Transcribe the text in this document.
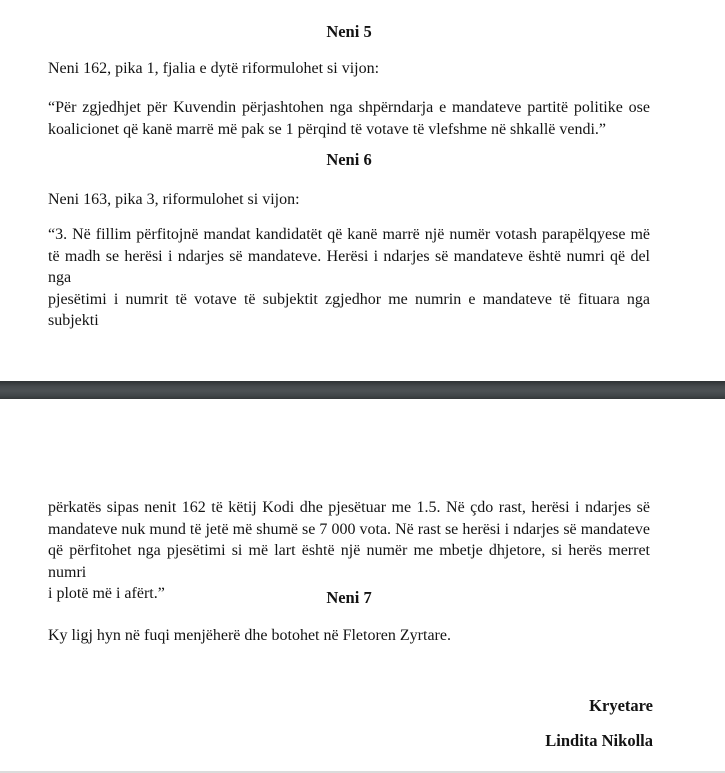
Neni 5
Neni 162, pika 1, fjalia e dytë riformulohet si vijon:
“Për zgjedhjet për Kuvendin përjashtohen nga shpërndarja e mandateve partitë politike ose
koalicionet që kanë marrë më pak se 1 përqind të votave të vlefshme në shkallë vendi.”
Neni 6
Neni 163, pika 3, riformulohet si vijon:
“3. Në fillim përfitojnë mandat kandidatët që kanë marrë një numër votash parapëlqyese më
të madh se herësi i ndarjes së mandateve. Herësi i ndarjes së mandateve është numri që del nga
pjesëtimi i numrit të votave të subjektit zgjedhor me numrin e mandateve të fituara nga subjekti
përkatës sipas nenit 162 të këtij Kodi dhe pjesëtuar me 1.5. Në çdo rast, herësi i ndarjes së
mandateve nuk mund të jetë më shumë se 7 000 vota. Në rast se herësi i ndarjes së mandateve
që përfitohet nga pjesëtimi si më lart është një numër me mbetje dhjetore, si herës merret numri
i plotë më i afërt.”	Neni 7
Ky ligj hyn në fuqi menjëherë dhe botohet në Fletoren Zyrtare.
Kryetare
Lindita Nikolla
